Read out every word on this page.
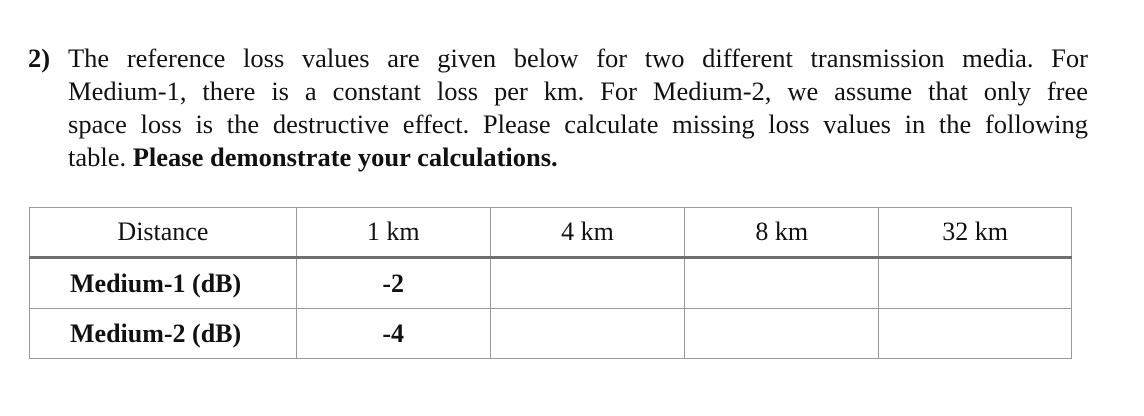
2) The reference loss values are given below for two different transmission media. For
Medium-1, there is a constant loss per km. For Medium-2, we assume that only free
space loss is the destructive effect. Please calculate missing loss values in the following
table. Please demonstrate your calculations.
Distance	1 km	4 km	8 km	32 km
Medium-1 (dB)	-2			
Medium-2 (dB)	-4			
